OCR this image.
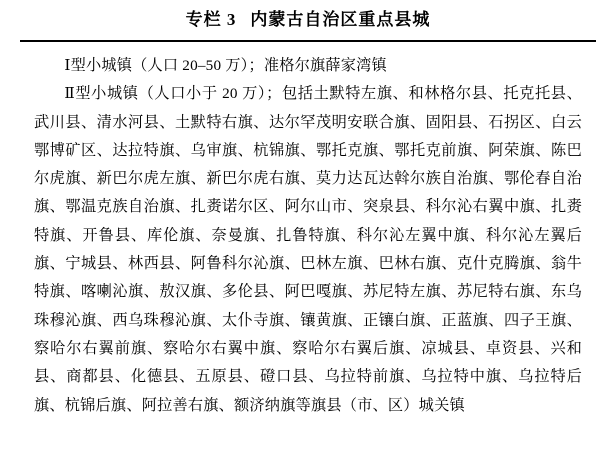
专栏 3 内蒙古自治区重点县城

Ⅰ型小城镇（人口 20–50 万）；准格尔旗薛家湾镇

Ⅱ型小城镇（人口小于 20 万）；包括土默特左旗、和林格尔县、托克托县、武川县、清水河县、土默特右旗、达尔罕茂明安联合旗、固阳县、石拐区、白云鄂博矿区、达拉特旗、乌审旗、杭锦旗、鄂托克旗、鄂托克前旗、阿荣旗、陈巴尔虎旗、新巴尔虎左旗、新巴尔虎右旗、莫力达瓦达斡尔族自治旗、鄂伦春自治旗、鄂温克族自治旗、扎赉诺尔区、阿尔山市、突泉县、科尔沁右翼中旗、扎赉特旗、开鲁县、库伦旗、奈曼旗、扎鲁特旗、科尔沁左翼中旗、科尔沁左翼后旗、宁城县、林西县、阿鲁科尔沁旗、巴林左旗、巴林右旗、克什克腾旗、翁牛特旗、喀喇沁旗、敖汉旗、多伦县、阿巴嘎旗、苏尼特左旗、苏尼特右旗、东乌珠穆沁旗、西乌珠穆沁旗、太仆寺旗、镶黄旗、正镶白旗、正蓝旗、四子王旗、察哈尔右翼前旗、察哈尔右翼中旗、察哈尔右翼后旗、凉城县、卓资县、兴和县、商都县、化德县、五原县、磴口县、乌拉特前旗、乌拉特中旗、乌拉特后旗、杭锦后旗、阿拉善右旗、额济纳旗等旗县（市、区）城关镇
